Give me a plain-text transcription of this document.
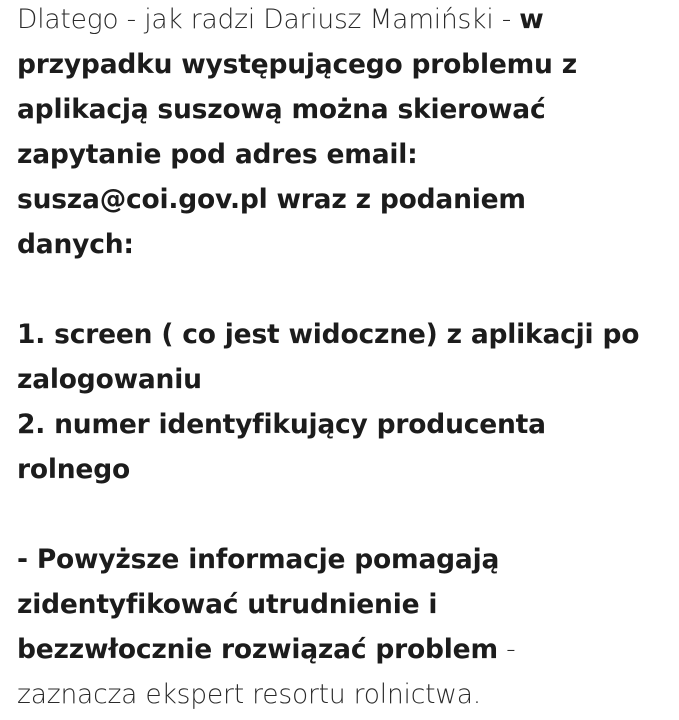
Dlatego - jak radzi Dariusz Mamiński - w
przypadku występującego problemu z
aplikacją suszową można skierować
zapytanie pod adres email:
susza@coi.gov.pl wraz z podaniem
danych:
1. screen ( co jest widoczne) z aplikacji po
zalogowaniu
2. numer identyfikujący producenta
rolnego
- Powyższe informacje pomagają
zidentyfikować utrudnienie i
bezzwłocznie rozwiązać problem -
zaznacza ekspert resortu rolnictwa.
